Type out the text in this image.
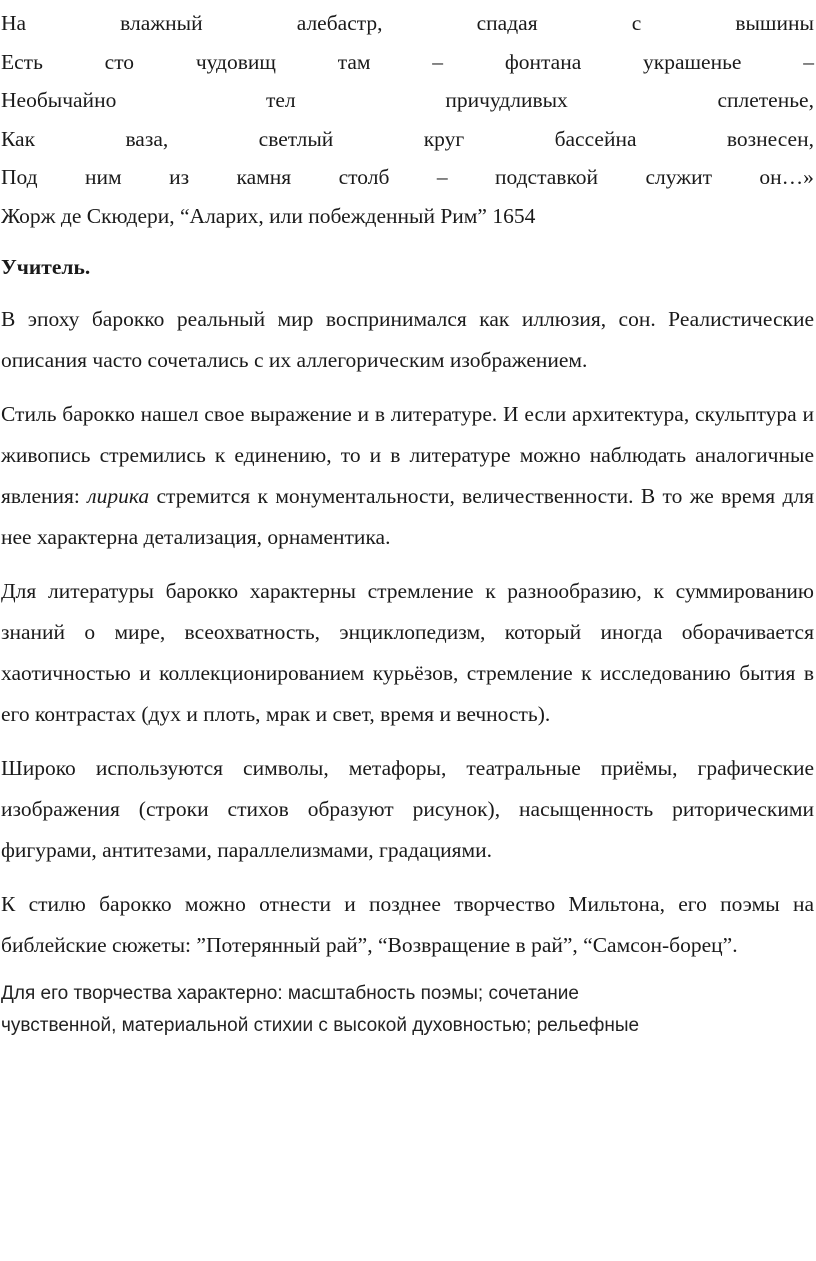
На	влажный	алебастр,	спадая	с	вышины
Есть	сто	чудовищ	там	–	фонтана	украшенье	–
Необычайно	тел	причудливых	сплетенье,
Как	ваза,	светлый	круг	бассейна	вознесен,
Под ним из камня столб – подставкой служит он…»
Жорж де Скюдери, “Аларих, или побежденный Рим” 1654
Учитель.

В эпоху барокко реальный мир воспринимался как иллюзия, сон. Реалистические описания часто сочетались с их аллегорическим изображением.

Стиль барокко нашел свое выражение и в литературе. И если архитектура, скульптура и живопись стремились к единению, то и в литературе можно наблюдать аналогичные явления: лирика стремится к монументальности, величественности. В то же время для нее характерна детализация, орнаментика.

Для литературы барокко характерны стремление к разнообразию, к суммированию знаний о мире, всеохватность, энциклопедизм, который иногда оборачивается хаотичностью и коллекционированием курьёзов, стремление к исследованию бытия в его контрастах (дух и плоть, мрак и свет, время и вечность).

Широко используются символы, метафоры, театральные приёмы, графические изображения (строки стихов образуют рисунок), насыщенность риторическими фигурами, антитезами, параллелизмами, градациями.

К стилю барокко можно отнести и позднее творчество Мильтона, его поэмы на библейские сюжеты: ”Потерянный рай”, “Возвращение в рай”, “Самсон-борец”.

Для его творчества характерно: масштабность поэмы; сочетание
чувственной, материальной стихии с высокой духовностью; рельефные
